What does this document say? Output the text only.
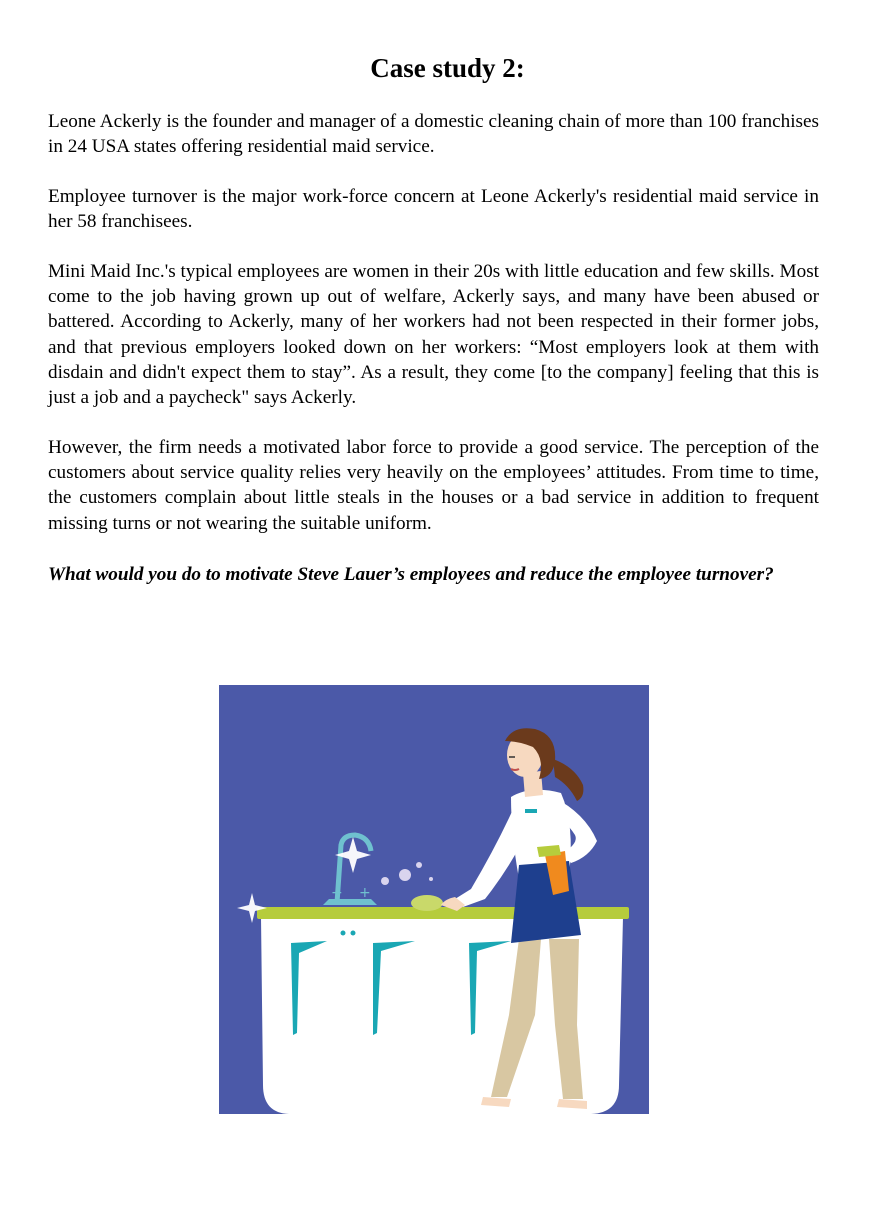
Case study 2:

Leone Ackerly is the founder and manager of a domestic cleaning chain of more than 100 franchises in 24 USA states offering residential maid service.

Employee turnover is the major work-force concern at Leone Ackerly's residential maid service in her 58 franchisees.

Mini Maid Inc.'s typical employees are women in their 20s with little education and few skills. Most come to the job having grown up out of welfare, Ackerly says, and many have been abused or battered. According to Ackerly, many of her workers had not been respected in their former jobs, and that previous employers looked down on her workers: “Most employers look at them with disdain and didn't expect them to stay”. As a result, they come [to the company] feeling that this is just a job and a paycheck" says Ackerly.

However, the firm needs a motivated labor force to provide a good service. The perception of the customers about service quality relies very heavily on the employees’ attitudes. From time to time, the customers complain about little steals in the houses or a bad service in addition to frequent missing turns or not wearing the suitable uniform.

What would you do to motivate Steve Lauer’s employees and reduce the employee turnover?

+ +
